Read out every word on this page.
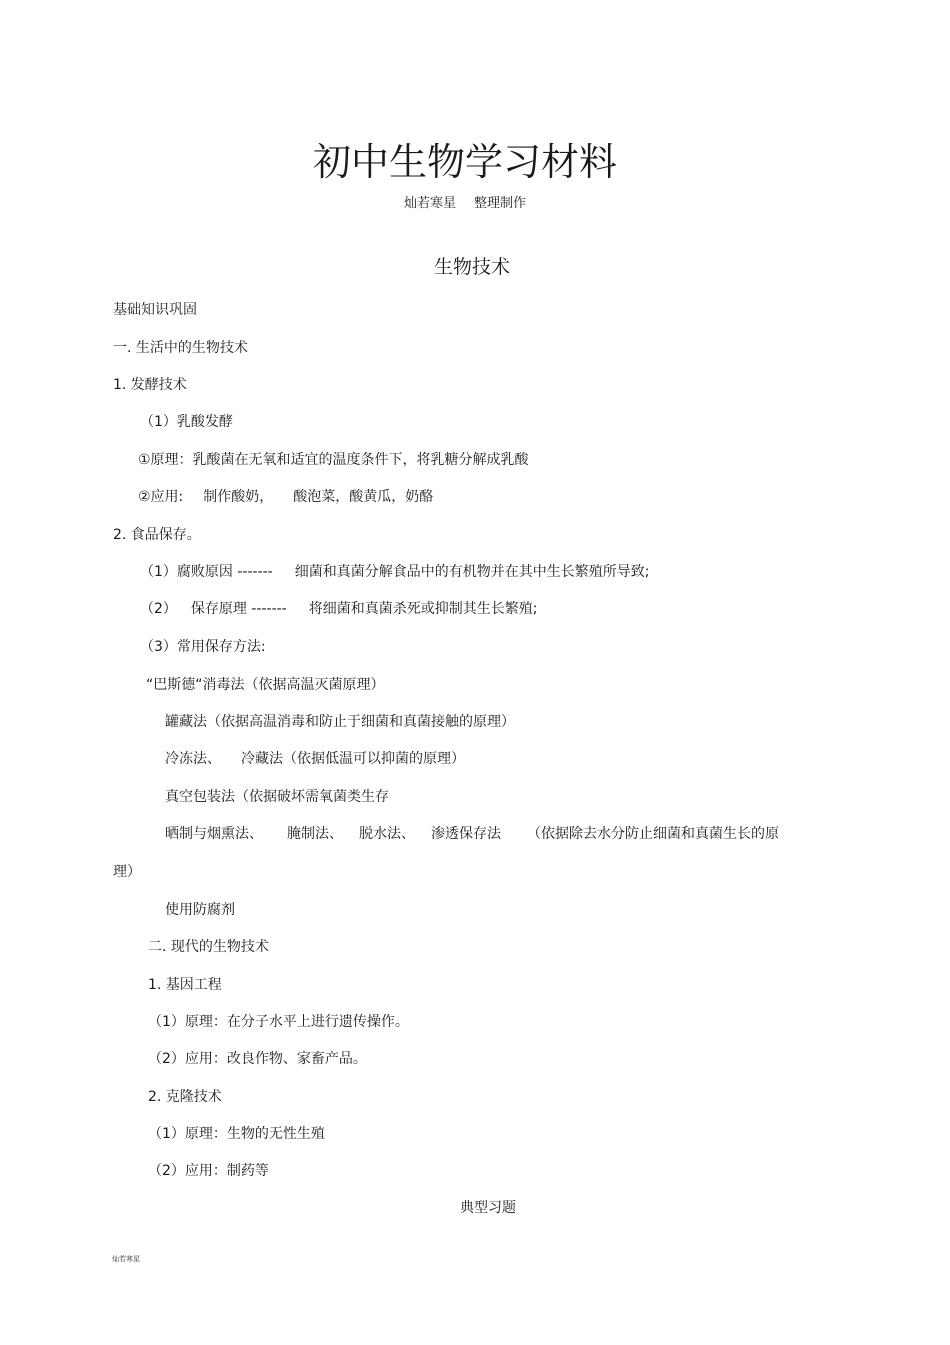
初中生物学习材料
灿若寒星 整理制作
生物技术
基础知识巩固
一. 生活中的生物技术
1. 发酵技术
（1）乳酸发酵
①原理：乳酸菌在无氧和适宜的温度条件下，将乳糖分解成乳酸
②应用: 制作酸奶， 酸泡菜，酸黄瓜，奶酪
2. 食品保存。
（1）腐败原因 ------- 细菌和真菌分解食品中的有机物并在其中生长繁殖所导致;
（2） 保存原理 ------- 将细菌和真菌杀死或抑制其生长繁殖;
（3）常用保存方法:
“巴斯德“消毒法（依据高温灭菌原理）
罐藏法（依据高温消毒和防止于细菌和真菌接触的原理）
冷冻法、 冷藏法（依据低温可以抑菌的原理）
真空包装法（依据破坏需氧菌类生存
晒制与烟熏法、 腌制法、 脱水法、 渗透保存法 （依据除去水分防止细菌和真菌生长的原
理）
使用防腐剂
二. 现代的生物技术
1. 基因工程
（1）原理：在分子水平上进行遗传操作。
（2）应用：改良作物、家畜产品。
2. 克隆技术
（1）原理：生物的无性生殖
（2）应用：制药等
典型习题
灿若寒星
